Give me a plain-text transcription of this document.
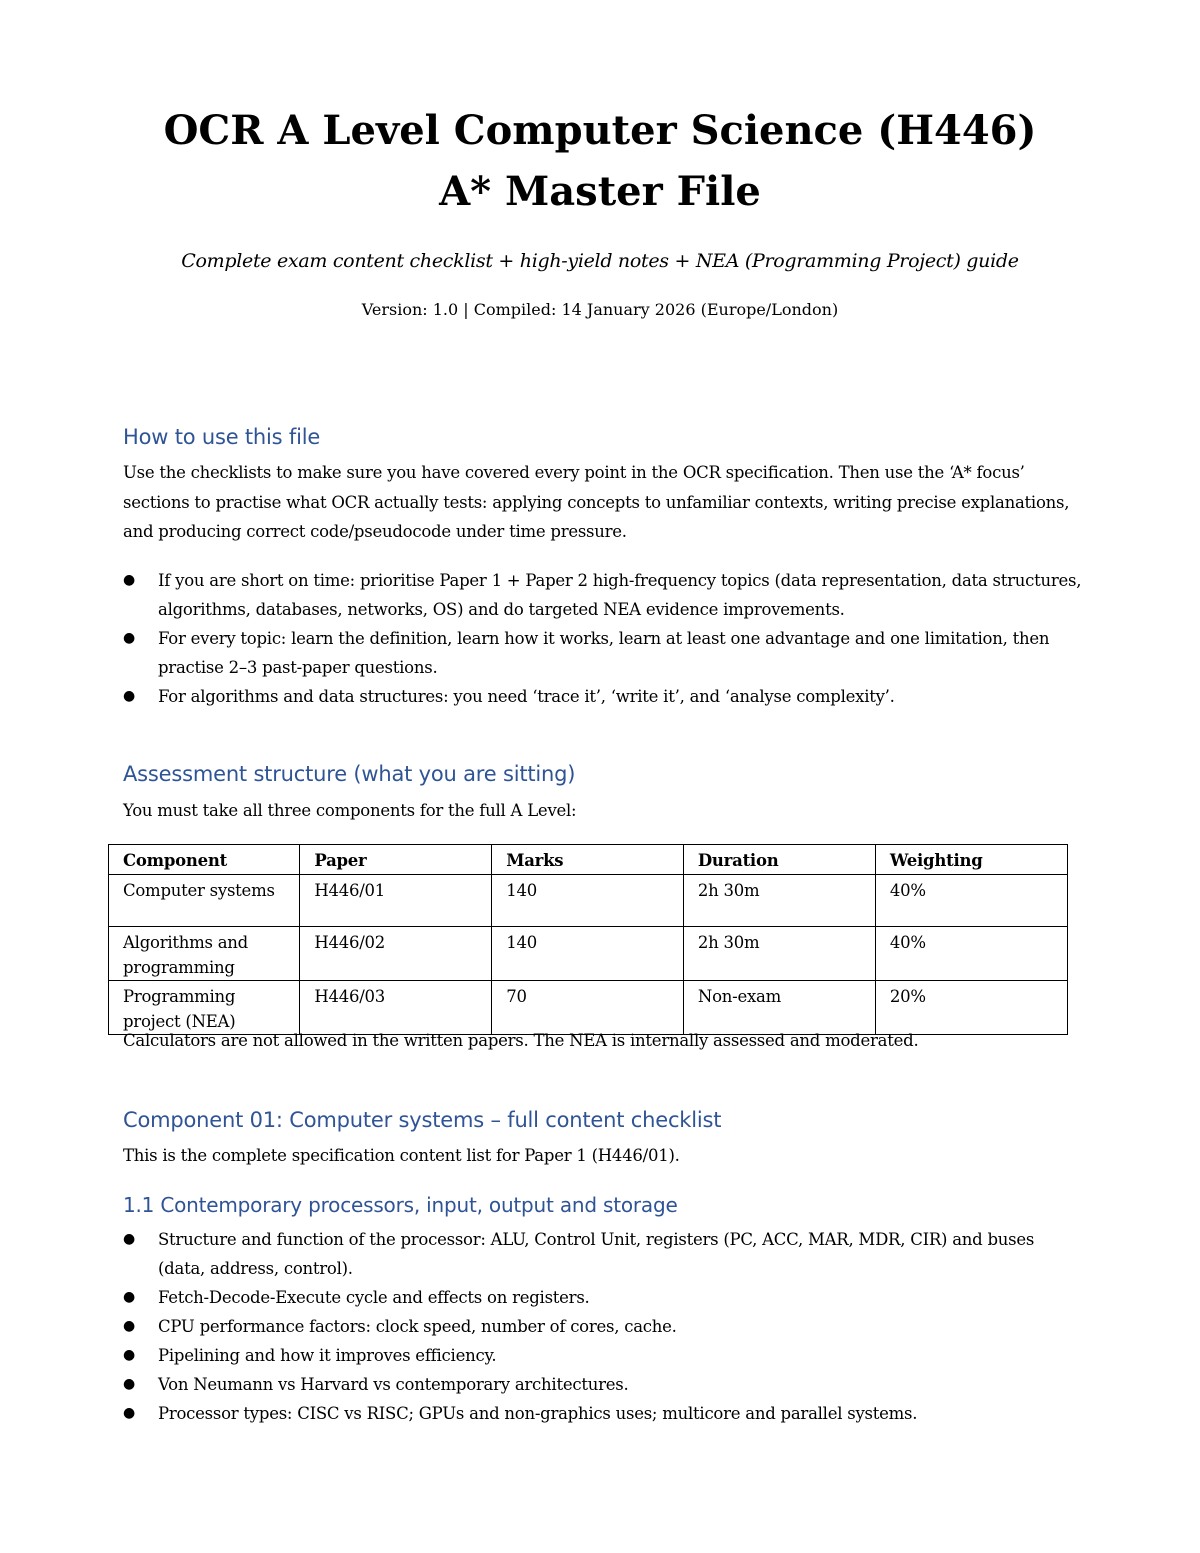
OCR A Level Computer Science (H446)
A* Master File
Complete exam content checklist + high-yield notes + NEA (Programming Project) guide
Version: 1.0 | Compiled: 14 January 2026 (Europe/London)
How to use this file

Use the checklists to make sure you have covered every point in the OCR specification. Then use the ‘A* focus’ sections to practise what OCR actually tests: applying concepts to unfamiliar contexts, writing precise explanations, and producing correct code/pseudocode under time pressure.

● If you are short on time: prioritise Paper 1 + Paper 2 high-frequency topics (data representation, data structures, algorithms, databases, networks, OS) and do targeted NEA evidence improvements.
● For every topic: learn the definition, learn how it works, learn at least one advantage and one limitation, then practise 2–3 past-paper questions.
● For algorithms and data structures: you need ‘trace it’, ‘write it’, and ‘analyse complexity’.
Assessment structure (what you are sitting)

You must take all three components for the full A Level:

Component	Paper	Marks	Duration	Weighting
Computer systems	H446/01	140	2h 30m	40%
Algorithms and programming	H446/02	140	2h 30m	40%
Programming project (NEA)	H446/03	70	Non-exam	20%

Calculators are not allowed in the written papers. The NEA is internally assessed and moderated.

Component 01: Computer systems – full content checklist

This is the complete specification content list for Paper 1 (H446/01).

1.1 Contemporary processors, input, output and storage
● Structure and function of the processor: ALU, Control Unit, registers (PC, ACC, MAR, MDR, CIR) and buses (data, address, control).
● Fetch-Decode-Execute cycle and effects on registers.
● CPU performance factors: clock speed, number of cores, cache.
● Pipelining and how it improves efficiency.
● Von Neumann vs Harvard vs contemporary architectures.
● Processor types: CISC vs RISC; GPUs and non-graphics uses; multicore and parallel systems.
